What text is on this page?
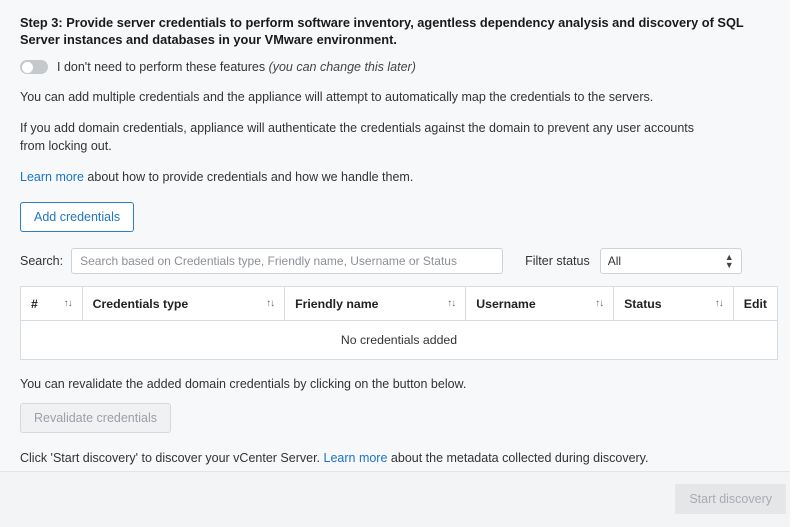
Step 3: Provide server credentials to perform software inventory, agentless dependency analysis and discovery of SQL Server instances and databases in your VMware environment.
I don't need to perform these features (you can change this later)

You can add multiple credentials and the appliance will attempt to automatically map the credentials to the servers.

If you add domain credentials, appliance will authenticate the credentials against the domain to prevent any user accounts from locking out.

Learn more about how to provide credentials and how we handle them.

Add credentials
Search:
Search based on Credentials type, Friendly name, Username or Status	Filter status
All	▲
▼
#	↑↓	Credentials type	↑↓	Friendly name	↑↓	Username	↑↓	Status	↑↓	Edit

No credentials added

You can revalidate the added domain credentials by clicking on the button below.

Revalidate credentials

Click 'Start discovery' to discover your vCenter Server. Learn more about the metadata collected during discovery.

Start discovery
